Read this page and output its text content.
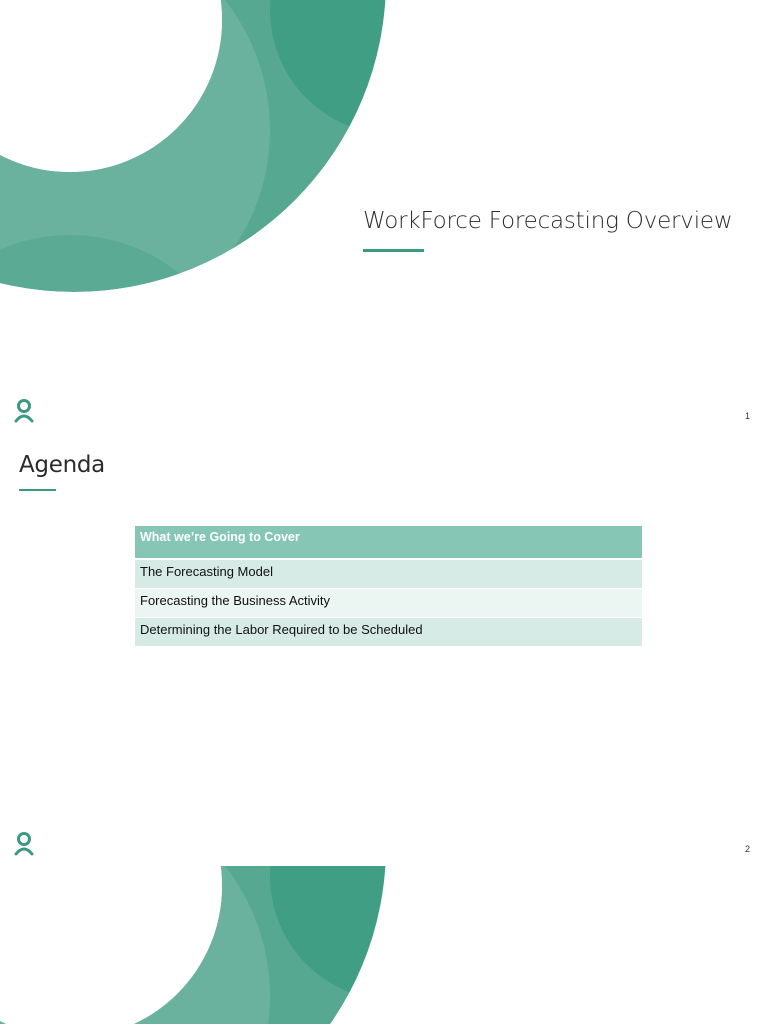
WorkForce Forecasting Overview
1
Agenda
What we’re Going to Cover
The Forecasting Model
Forecasting the Business Activity
Determining the Labor Required to be Scheduled
2
